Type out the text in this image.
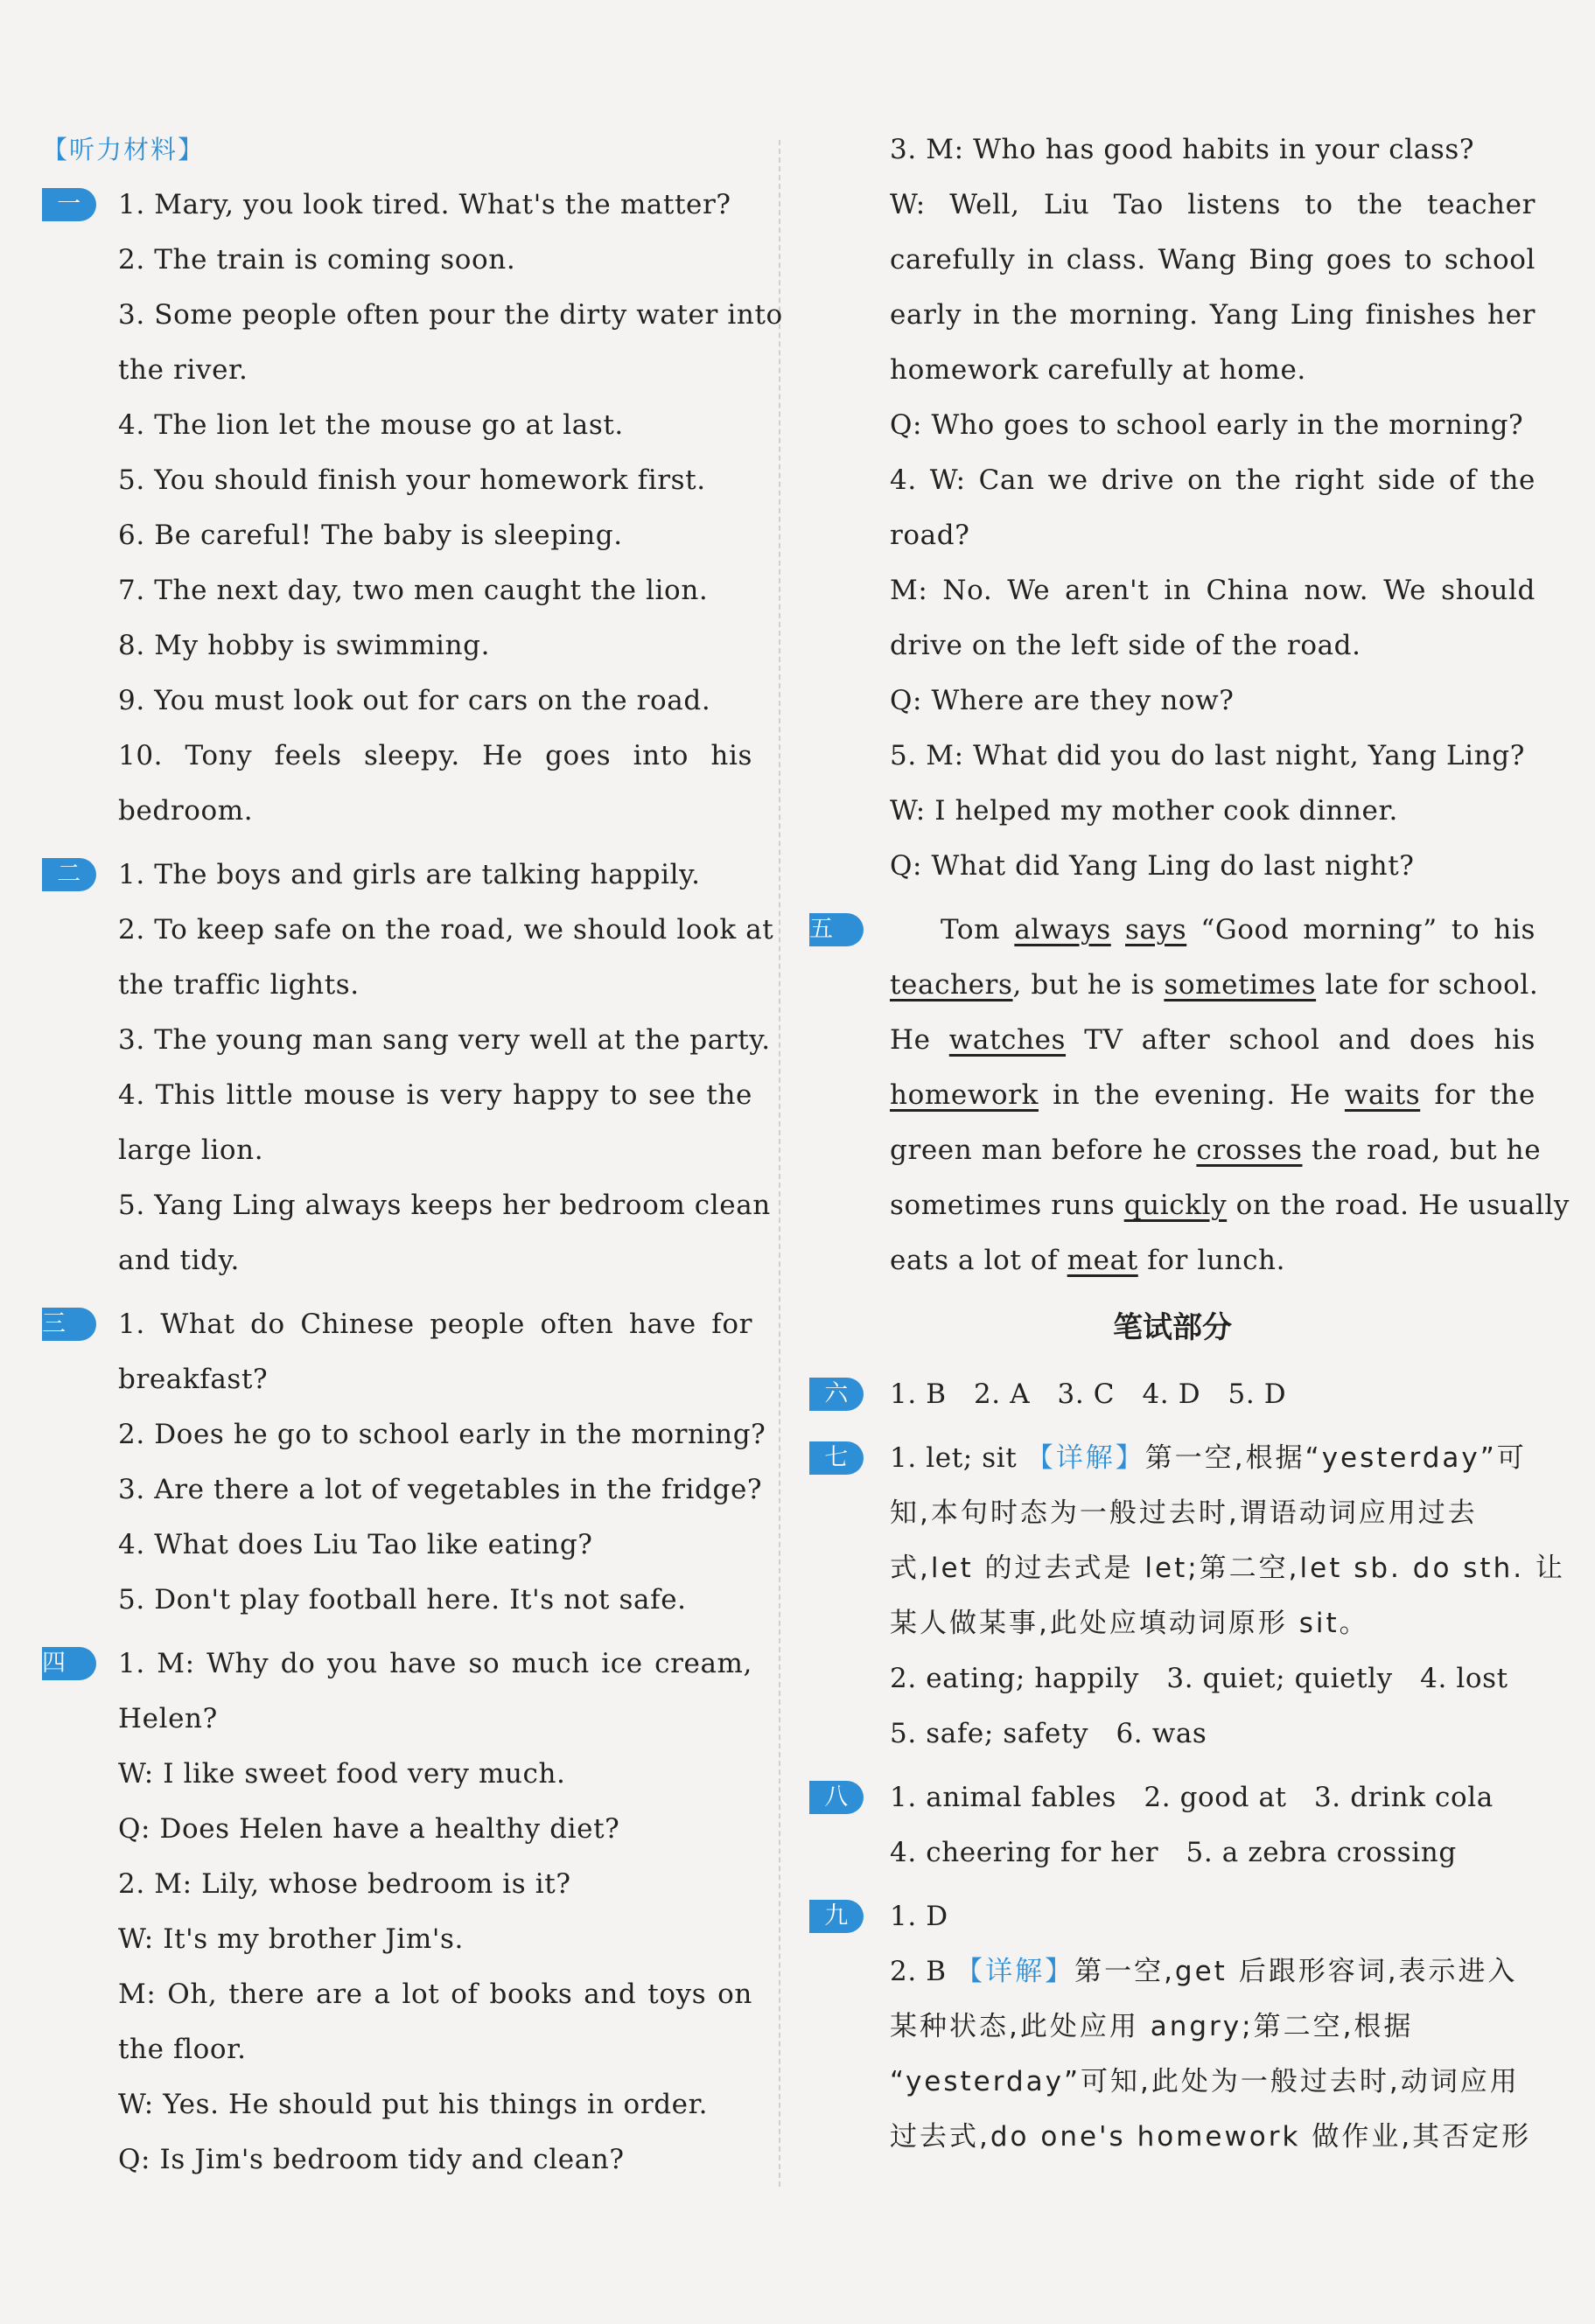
【听力材料】
一	1. Mary, you look tired. What's the matter?
2. The train is coming soon.
3. Some people often pour the dirty water into
the river.
4. The lion let the mouse go at last.
5. You should finish your homework first.
6. Be careful! The baby is sleeping.
7. The next day, two men caught the lion.
8. My hobby is swimming.
9. You must look out for cars on the road.
10. Tony feels sleepy. He goes into his
bedroom.
二	1. The boys and girls are talking happily.
2. To keep safe on the road, we should look at
the traffic lights.
3. The young man sang very well at the party.
4. This little mouse is very happy to see the
large lion.
5. Yang Ling always keeps her bedroom clean
and tidy.
三	1. What do Chinese people often have for
breakfast?
2. Does he go to school early in the morning?
3. Are there a lot of vegetables in the fridge?
4. What does Liu Tao like eating?
5. Don't play football here. It's not safe.
四	1. M: Why do you have so much ice cream,
Helen?
W: I like sweet food very much.
Q: Does Helen have a healthy diet?
2. M: Lily, whose bedroom is it?
W: It's my brother Jim's.
M: Oh, there are a lot of books and toys on
the floor.
W: Yes. He should put his things in order.
Q: Is Jim's bedroom tidy and clean?
3. M: Who has good habits in your class?
W: Well, Liu Tao listens to the teacher
carefully in class. Wang Bing goes to school
early in the morning. Yang Ling finishes her
homework carefully at home.
Q: Who goes to school early in the morning?
4. W: Can we drive on the right side of the
road?
M: No. We aren't in China now. We should
drive on the left side of the road.
Q: Where are they now?
5. M: What did you do last night, Yang Ling?
W: I helped my mother cook dinner.
Q: What did Yang Ling do last night?
五	Tom always says “Good morning” to his
teachers, but he is sometimes late for school.
He watches TV after school and does his
homework in the evening. He waits for the
green man before he crosses the road, but he
sometimes runs quickly on the road. He usually
eats a lot of meat for lunch.
笔试部分
六	1. B   2. A   3. C   4. D   5. D
七	1. let; sit 【详解】第一空,根据“yesterday”可
知,本句时态为一般过去时,谓语动词应用过去
式,let 的过去式是 let;第二空,let sb. do sth. 让
某人做某事,此处应填动词原形 sit。
2. eating; happily   3. quiet; quietly   4. lost
5. safe; safety   6. was
八	1. animal fables   2. good at   3. drink cola
4. cheering for her   5. a zebra crossing
九	1. D
2. B 【详解】第一空,get 后跟形容词,表示进入
某种状态,此处应用 angry;第二空,根据
“yesterday”可知,此处为一般过去时,动词应用
过去式,do one's homework 做作业,其否定形
